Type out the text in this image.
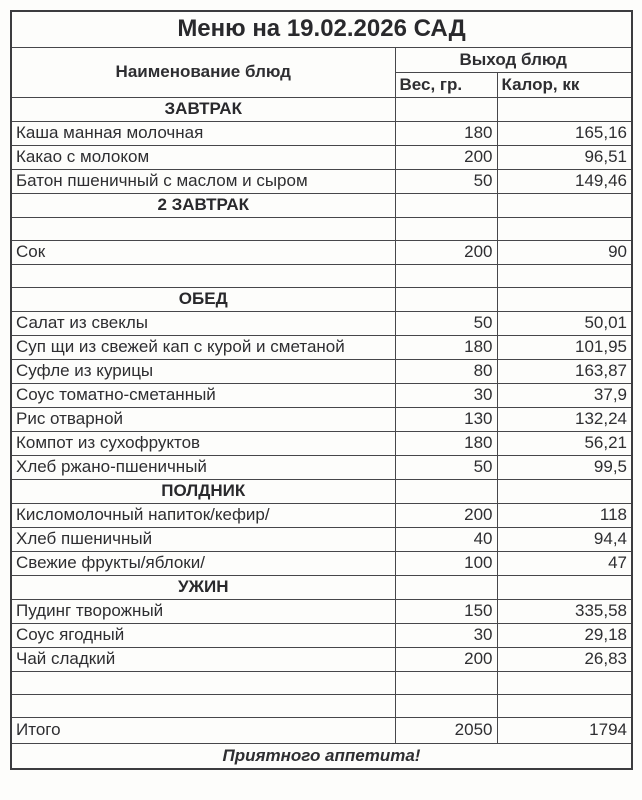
Меню на 19.02.2026 САД		
Наименование блюд	Выход блюд	
	Вес, гр.	Калор, кк
ЗАВТРАК		
Каша манная молочная	180	165,16
Какао с молоком	200	96,51
Батон пшеничный с маслом и сыром	50	149,46
2 ЗАВТРАК		

Сок	200	90

ОБЕД		
Салат из свеклы	50	50,01
Суп щи из свежей кап с курой и сметаной	180	101,95
Суфле из курицы	80	163,87
Соус томатно-сметанный	30	37,9
Рис отварной	130	132,24
Компот из сухофруктов	180	56,21
Хлеб ржано-пшеничный	50	99,5
ПОЛДНИК		
Кисломолочный напиток/кефир/	200	118
Хлеб пшеничный	40	94,4
Свежие фрукты/яблоки/	100	47
УЖИН		
Пудинг творожный	150	335,58
Соус ягодный	30	29,18
Чай сладкий	200	26,83

Итого	2050	1794
Приятного аппетита!		
